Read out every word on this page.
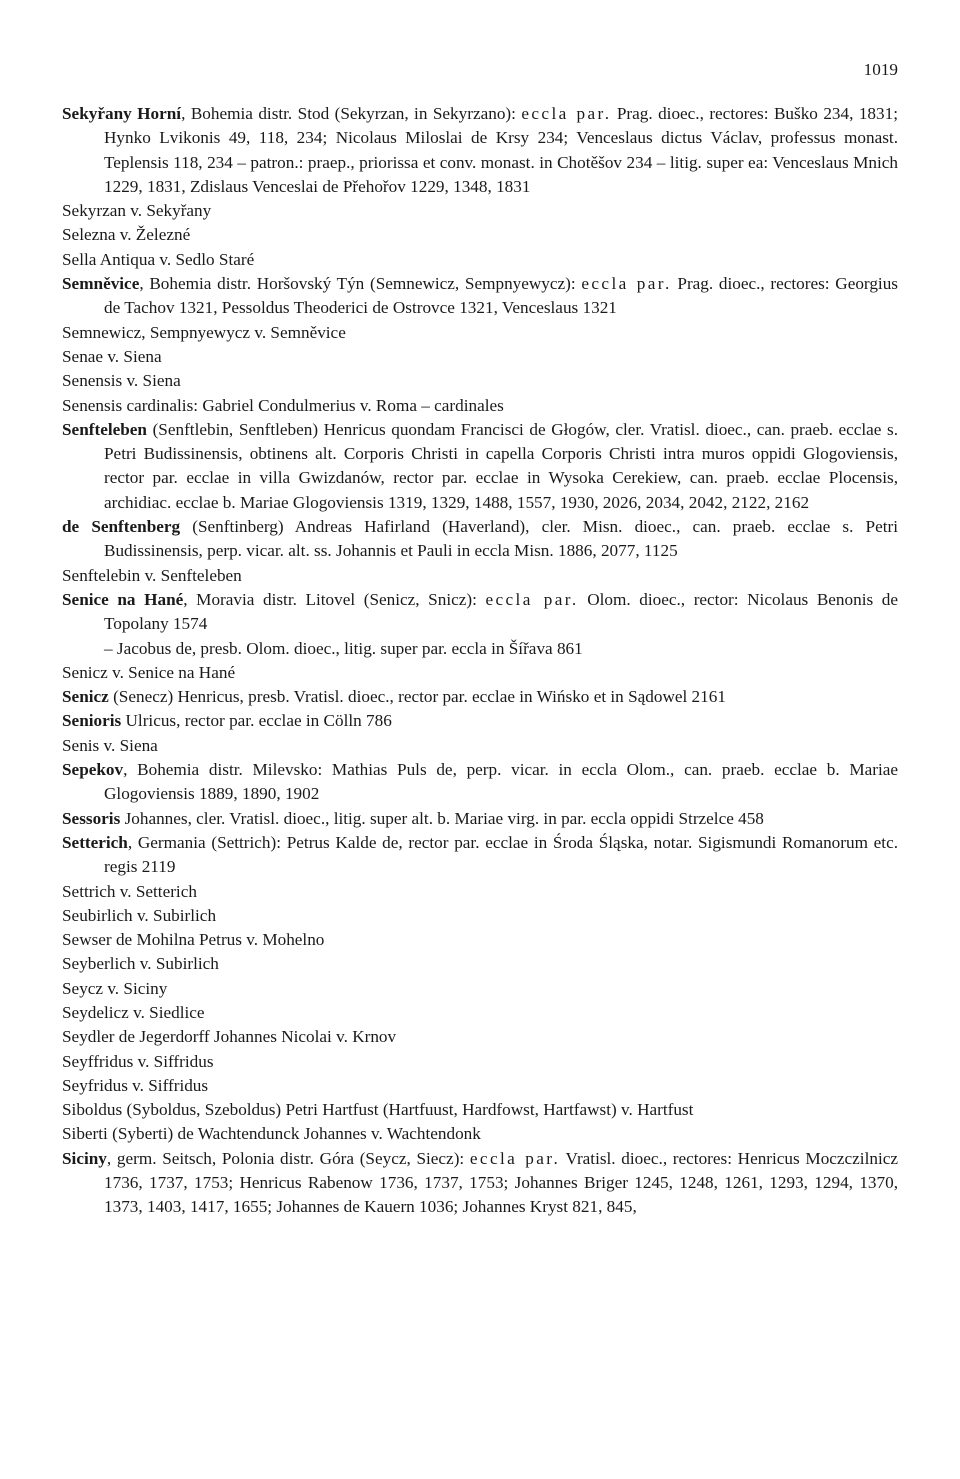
1019

Sekyřany Horní, Bohemia distr. Stod (Sekyrzan, in Sekyrzano): eccla par. Prag. dioec., rectores: Buško 234, 1831; Hynko Lvikonis 49, 118, 234; Nicolaus Miloslai de Krsy 234; Venceslaus dictus Václav, professus monast. Teplensis 118, 234 – patron.: praep., priorissa et conv. monast. in Chotěšov 234 – litig. super ea: Venceslaus Mnich 1229, 1831, Zdislaus Venceslai de Přehořov 1229, 1348, 1831

Sekyrzan v. Sekyřany

Selezna v. Železné

Sella Antiqua v. Sedlo Staré

Semněvice, Bohemia distr. Horšovský Týn (Semnewicz, Sempnyewycz): eccla par. Prag. dioec., rectores: Georgius de Tachov 1321, Pessoldus Theoderici de Ostrovce 1321, Venceslaus 1321

Semnewicz, Sempnyewycz v. Semněvice

Senae v. Siena

Senensis v. Siena

Senensis cardinalis: Gabriel Condulmerius v. Roma – cardinales

Senfteleben (Senftlebin, Senftleben) Henricus quondam Francisci de Głogów, cler. Vratisl. dioec., can. praeb. ecclae s. Petri Budissinensis, obtinens alt. Corporis Christi in capella Corporis Christi intra muros oppidi Glogoviensis, rector par. ecclae in villa Gwizdanów, rector par. ecclae in Wysoka Cerekiew, can. praeb. ecclae Plocensis, archidiac. ecclae b. Mariae Glogoviensis 1319, 1329, 1488, 1557, 1930, 2026, 2034, 2042, 2122, 2162

de Senftenberg (Senftinberg) Andreas Hafirland (Haverland), cler. Misn. dioec., can. praeb. ecclae s. Petri Budissinensis, perp. vicar. alt. ss. Johannis et Pauli in eccla Misn. 1886, 2077, 1125

Senftelebin v. Senfteleben

Senice na Hané, Moravia distr. Litovel (Senicz, Snicz): eccla par. Olom. dioec., rector: Nicolaus Benonis de Topolany 1574

– Jacobus de, presb. Olom. dioec., litig. super par. eccla in Šířava 861

Senicz v. Senice na Hané

Senicz (Senecz) Henricus, presb. Vratisl. dioec., rector par. ecclae in Wińsko et in Sądowel 2161

Senioris Ulricus, rector par. ecclae in Cölln 786

Senis v. Siena

Sepekov, Bohemia distr. Milevsko: Mathias Puls de, perp. vicar. in eccla Olom., can. praeb. ecclae b. Mariae Glogoviensis 1889, 1890, 1902

Sessoris Johannes, cler. Vratisl. dioec., litig. super alt. b. Mariae virg. in par. eccla oppidi Strzelce 458

Setterich, Germania (Settrich): Petrus Kalde de, rector par. ecclae in Środa Śląska, notar. Sigismundi Romanorum etc. regis 2119

Settrich v. Setterich

Seubirlich v. Subirlich

Sewser de Mohilna Petrus v. Mohelno

Seyberlich v. Subirlich

Seycz v. Siciny

Seydelicz v. Siedlice

Seydler de Jegerdorff Johannes Nicolai v. Krnov

Seyffridus v. Siffridus

Seyfridus v. Siffridus

Siboldus (Syboldus, Szeboldus) Petri Hartfust (Hartfuust, Hardfowst, Hartfawst) v. Hartfust

Siberti (Syberti) de Wachtendunck Johannes v. Wachtendonk

Siciny, germ. Seitsch, Polonia distr. Góra (Seycz, Siecz): eccla par. Vratisl. dioec., rectores: Henricus Moczczilnicz 1736, 1737, 1753; Henricus Rabenow 1736, 1737, 1753; Johannes Briger 1245, 1248, 1261, 1293, 1294, 1370, 1373, 1403, 1417, 1655; Johannes de Kauern 1036; Johannes Kryst 821, 845,
